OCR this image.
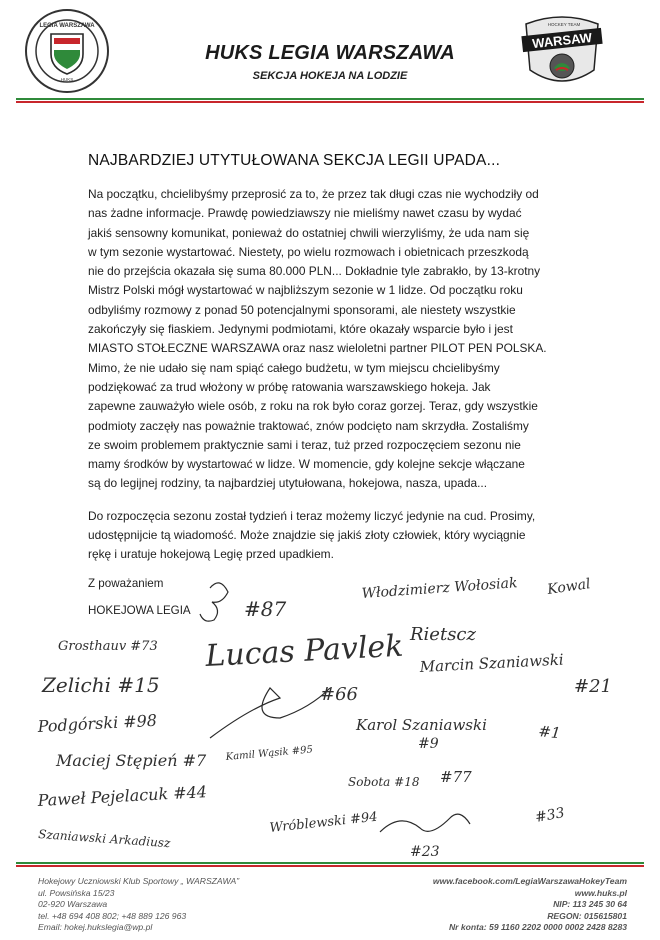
LEGIA WARSZAWA
HUKS
WARSAW
HOCKEY TEAM
HUKS LEGIA WARSZAWA
SEKCJA HOKEJA NA LODZIE
NAJBARDZIEJ UTYTUŁOWANA SEKCJA LEGII UPADA...

Na początku, chcielibyśmy przeprosić za to, że przez tak długi czas nie wychodziły od
nas żadne informacje. Prawdę powiedziawszy nie mieliśmy nawet czasu by wydać
jakiś sensowny komunikat, ponieważ do ostatniej chwili wierzyliśmy, że uda nam się
w tym sezonie wystartować. Niestety, po wielu rozmowach i obietnicach przeszkodą
nie do przejścia okazała się suma 80.000 PLN... Dokładnie tyle zabrakło, by 13-krotny
Mistrz Polski mógł wystartować w najbliższym sezonie w 1 lidze. Od początku roku
odbyliśmy rozmowy z ponad 50 potencjalnymi sponsorami, ale niestety wszystkie
zakończyły się fiaskiem. Jedynymi podmiotami, które okazały wsparcie było i jest
MIASTO STOŁECZNE WARSZAWA oraz nasz wieloletni partner PILOT PEN POLSKA.
Mimo, że nie udało się nam spiąć całego budżetu, w tym miejscu chcielibyśmy
podziękować za trud włożony w próbę ratowania warszawskiego hokeja. Jak
zapewne zauważyło wiele osób, z roku na rok było coraz gorzej. Teraz, gdy wszystkie
podmioty zaczęły nas poważnie traktować, znów podcięto nam skrzydła. Zostaliśmy
ze swoim problemem praktycznie sami i teraz, tuż przed rozpoczęciem sezonu nie
mamy środków by wystartować w lidze. W momencie, gdy kolejne sekcje włączane
są do legijnej rodziny, ta najbardziej utytułowana, hokejowa, nasza, upada...

Do rozpoczęcia sezonu został tydzień i teraz możemy liczyć jedynie na cud. Prosimy,
udostępnijcie tą wiadomość. Może znajdzie się jakiś złoty człowiek, który wyciągnie
rękę i uratuje hokejową Legię przed upadkiem.

Z poważaniem
HOKEJOWA LEGIA	#87
Włodzimierz Wołosiak Kowal
Grosthauv #73 Lucas Pavlek Rietscz
Marcin Szaniawski
#21
Zelichi #15	#66
Podgórski #98	Karol Szaniawski
#9
#1
Maciej Stępień #7 Kamil Wąsik #95
#77
Paweł Pejelacuk #44
Sobota #18
Wróblewski #94
Szaniawski Arkadiusz
#33
#23
Hokejowy Uczniowski Klub Sportowy „ WARSZAWA”
ul. Powsińska 15/23
02-920 Warszawa
tel. +48 694 408 802; +48 889 126 963
Email: hokej.hukslegia@wp.pl
www.facebook.com/LegiaWarszawaHokeyTeam
www.huks.pl
NIP: 113 245 30 64
REGON: 015615801
Nr konta: 59 1160 2202 0000 0002 2428 8283
